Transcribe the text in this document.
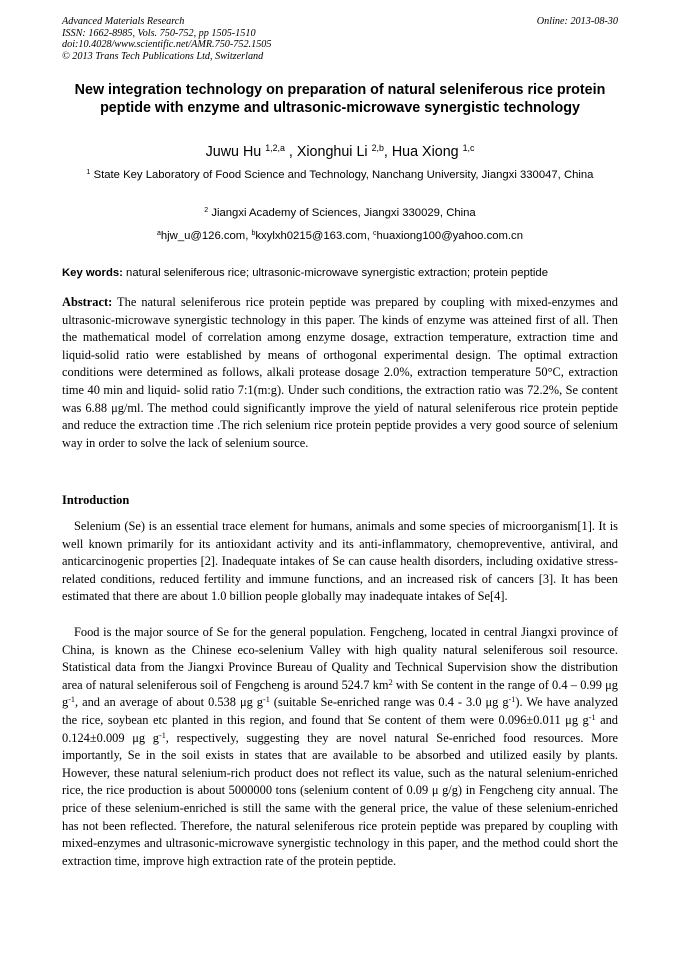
Advanced Materials Research
ISSN: 1662-8985, Vols. 750-752, pp 1505-1510
doi:10.4028/www.scientific.net/AMR.750-752.1505
© 2013 Trans Tech Publications Ltd, Switzerland
Online: 2013-08-30
New integration technology on preparation of natural seleniferous rice protein peptide with enzyme and ultrasonic-microwave synergistic technology
Juwu Hu $^{1,2,a}$ , Xionghui Li $^{2,b}$, Hua Xiong $^{1,c}$
$^1$ State Key Laboratory of Food Science and Technology, Nanchang University, Jiangxi 330047, China
$^2$ Jiangxi Academy of Sciences, Jiangxi 330029, China
$^a$hjw_u@126.com, $^b$kxylxh0215@163.com, $^c$huaxiong100@yahoo.com.cn
Key words: natural seleniferous rice; ultrasonic-microwave synergistic extraction; protein peptide

Abstract: The natural seleniferous rice protein peptide was prepared by coupling with mixed-enzymes and ultrasonic-microwave synergistic technology in this paper. The kinds of enzyme was atteined first of all. Then the mathematical model of correlation among enzyme dosage, extraction temperature, extraction time and liquid-solid ratio were established by means of orthogonal experimental design. The optimal extraction conditions were determined as follows, alkali protease dosage 2.0%, extraction temperature 50°C, extraction time 40 min and liquid- solid ratio 7:1(m:g). Under such conditions, the extraction ratio was 72.2%, Se content was 6.88 μg/ml. The method could significantly improve the yield of natural seleniferous rice protein peptide and reduce the extraction time .The rich selenium rice protein peptide provides a very good source of selenium way in order to solve the lack of selenium source.

Introduction

Selenium (Se) is an essential trace element for humans, animals and some species of microorganism[1]. It is well known primarily for its antioxidant activity and its anti-inflammatory, chemopreventive, antiviral, and anticarcinogenic properties [2]. Inadequate intakes of Se can cause health disorders, including oxidative stress-related conditions, reduced fertility and immune functions, and an increased risk of cancers [3]. It has been estimated that there are about 1.0 billion people globally may inadequate intakes of Se[4].

Food is the major source of Se for the general population. Fengcheng, located in central Jiangxi province of China, is known as the Chinese eco-selenium Valley with high quality natural seleniferous soil resource. Statistical data from the Jiangxi Province Bureau of Quality and Technical Supervision show the distribution area of natural seleniferous soil of Fengcheng is around 524.7 $km^2$ with Se content in the range of 0.4 – 0.99 μg $g^{-1}$, and an average of about 0.538 μg $g^{-1}$ (suitable Se-enriched range was 0.4 - 3.0 μg $g^{-1}$). We have analyzed the rice, soybean etc planted in this region, and found that Se content of them were 0.096±0.011 μg $g^{-1}$ and 0.124±0.009 μg $g^{-1}$, respectively, suggesting they are novel natural Se-enriched food resources. More importantly, Se in the soil exists in states that are available to be absorbed and utilized easily by plants. However, these natural selenium-rich product does not reflect its value, such as the natural selenium-enriched rice, the rice production is about 5000000 tons (selenium content of 0.09 μ g/g) in Fengcheng city annual. The price of these selenium-enriched is still the same with the general price, the value of these selenium-enriched has not been reflected. Therefore, the natural seleniferous rice protein peptide was prepared by coupling with mixed-enzymes and ultrasonic-microwave synergistic technology in this paper, and the method could short the extraction time, improve high extraction rate of the protein peptide.
